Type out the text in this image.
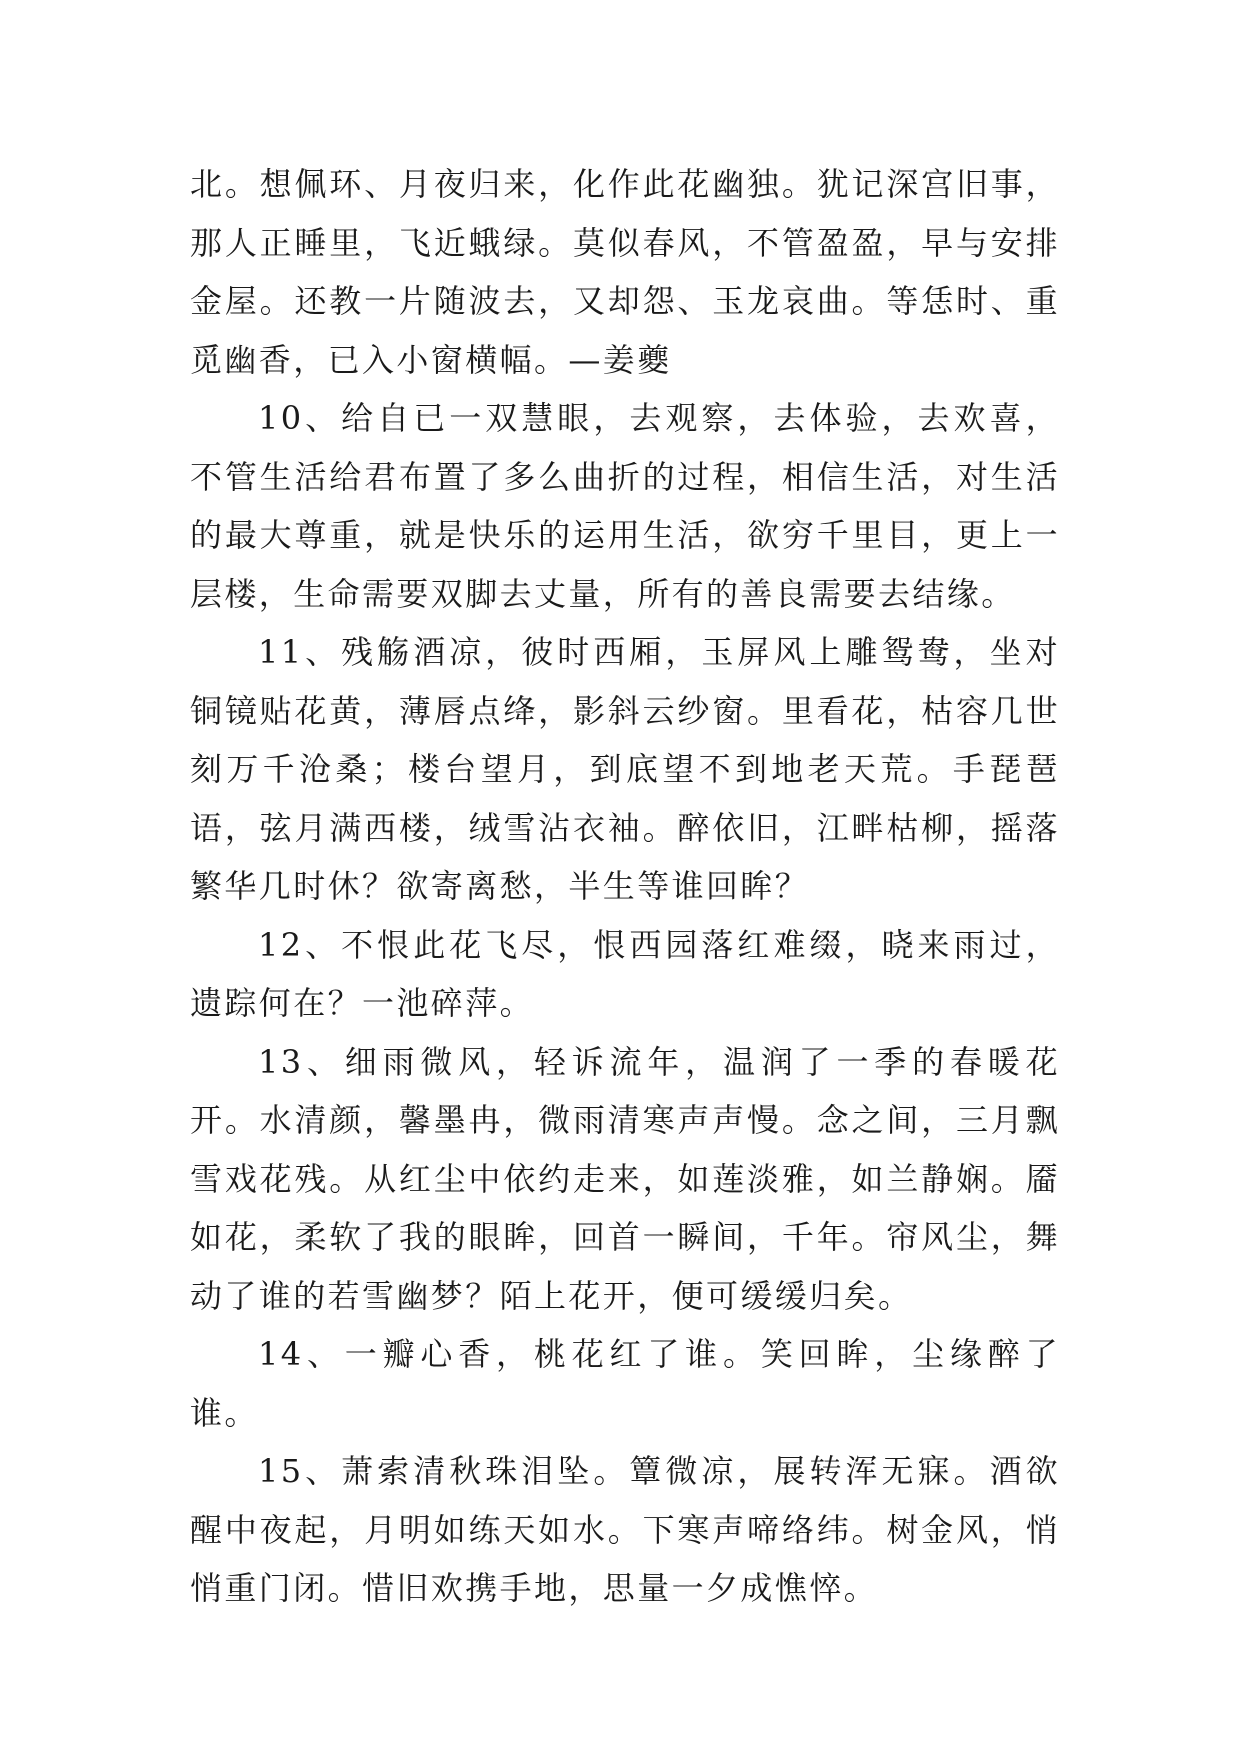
北。想佩环、月夜归来，化作此花幽独。犹记深宫旧事，那人正睡里，飞近蛾绿。莫似春风，不管盈盈，早与安排金屋。还教一片随波去，又却怨、玉龙哀曲。等恁时、重觅幽香，已入小窗横幅。—姜夔

10、给自已一双慧眼，去观察，去体验，去欢喜，不管生活给君布置了多么曲折的过程，相信生活，对生活的最大尊重，就是快乐的运用生活，欲穷千里目，更上一层楼，生命需要双脚去丈量，所有的善良需要去结缘。

11、残觞酒凉，彼时西厢，玉屏风上雕鸳鸯，坐对铜镜贴花黄，薄唇点绛，影斜云纱窗。里看花，枯容几世刻万千沧桑；楼台望月，到底望不到地老天荒。手琵琶语，弦月满西楼，绒雪沾衣袖。醉依旧，江畔枯柳，摇落繁华几时休？欲寄离愁，半生等谁回眸？

12、不恨此花飞尽，恨西园落红难缀，晓来雨过，遗踪何在？一池碎萍。

13、细雨微风，轻诉流年，温润了一季的春暖花开。水清颜，馨墨冉，微雨清寒声声慢。念之间，三月飘雪戏花残。从红尘中依约走来，如莲淡雅，如兰静娴。靥如花，柔软了我的眼眸，回首一瞬间，千年。帘风尘，舞动了谁的若雪幽梦？陌上花开，便可缓缓归矣。

14、一瓣心香，桃花红了谁。笑回眸，尘缘醉了谁。

15、萧索清秋珠泪坠。簟微凉，展转浑无寐。酒欲醒中夜起，月明如练天如水。下寒声啼络纬。树金风，悄悄重门闭。惜旧欢携手地，思量一夕成憔悴。
